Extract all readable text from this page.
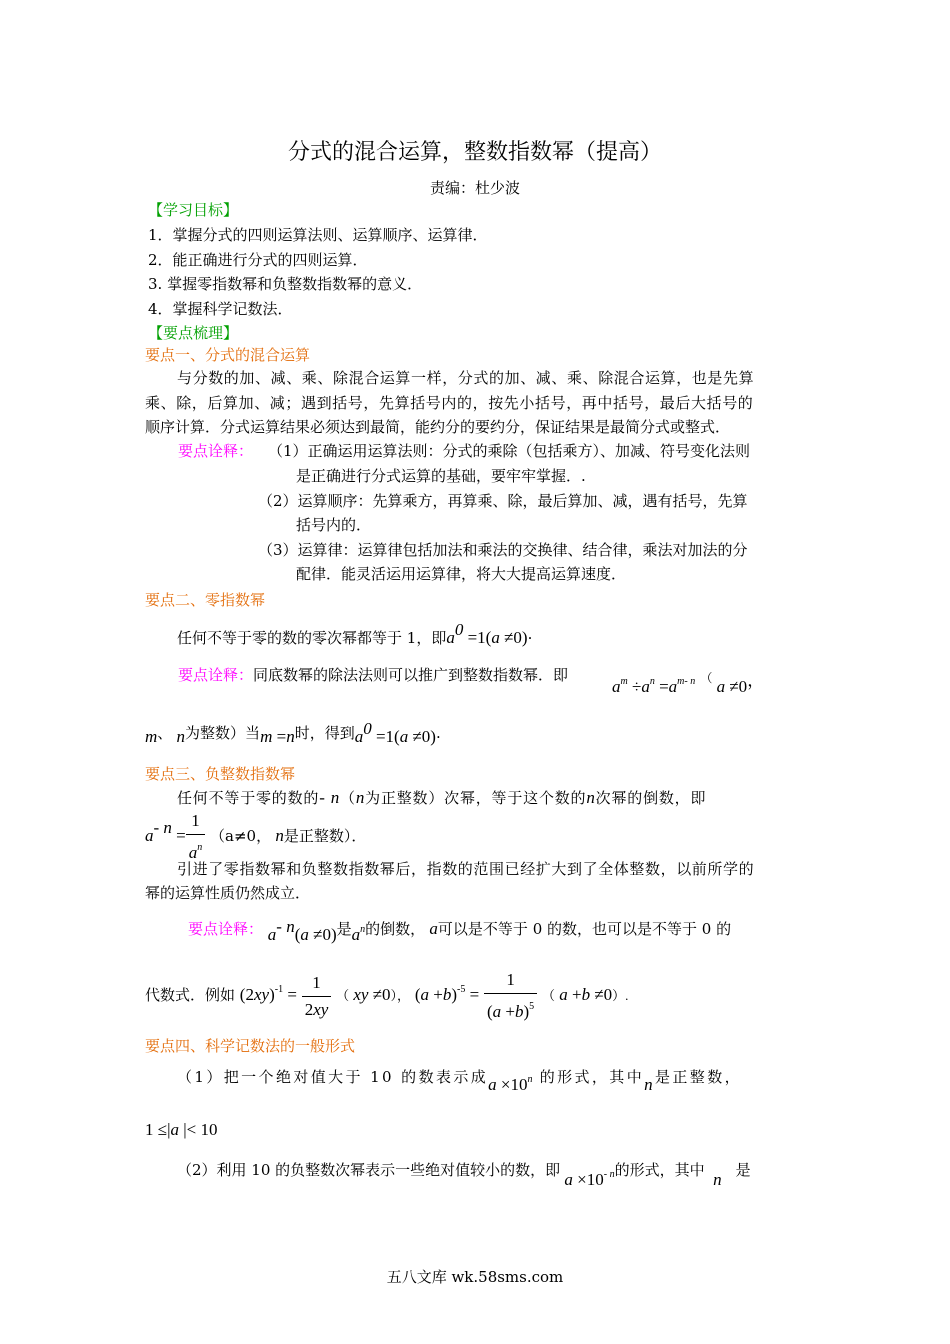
分式的混合运算，整数指数幂（提高）
责编：杜少波
【学习目标】
1．掌握分式的四则运算法则、运算顺序、运算律．
2．能正确进行分式的四则运算．
3. 掌握零指数幂和负整数指数幂的意义．
4．掌握科学记数法．
【要点梳理】
要点一、分式的混合运算
与分数的加、减、乘、除混合运算一样，分式的加、减、乘、除混合运算，也是先算
乘、除，后算加、减；遇到括号，先算括号内的，按先小括号，再中括号，最后大括号的
顺序计算．分式运算结果必须达到最简，能约分的要约分，保证结果是最简分式或整式．
要点诠释： （1）正确运用运算法则：分式的乘除（包括乘方）、加减、符号变化法则
是正确进行分式运算的基础，要牢牢掌握．.
（2）运算顺序：先算乘方，再算乘、除，最后算加、减，遇有括号，先算
括号内的．
（3）运算律：运算律包括加法和乘法的交换律、结合律，乘法对加法的分
配律．能灵活运用运算律，将大大提高运算速度．
要点二、零指数幂
任何不等于零的数的零次幂都等于 1，即$a^0 =1(a \ne 0)\cdot$
要点诠释：同底数幂的除法法则可以推广到整数指数幂．即
$a^m \div a^n =a^{m- n}$ （ a ≠0，
m、 n为整数）当m =n时，得到$a^0 =1(a \ne 0)\cdot$
要点三、负整数指数幂
任何不等于零的数的- n（n为正整数）次幂，等于这个数的n次幂的倒数，即
$a^{- n} = \frac{1}{a^n} (a\ne 0$， n是正整数）．
引进了零指数幂和负整数指数幂后，指数的范围已经扩大到了全体整数，以前所学的
幂的运算性质仍然成立．
要点诠释： $a^{- n}(a \ne 0)$是$a^n$的倒数， a可以是不等于 0 的数，也可以是不等于 0 的
代数式．例如 $(2xy)^{-1} = \frac{1}{2xy}$ （ xy ≠0）， $(a +b)^{-5} = \frac{1}{(a +b)^5}$ （ a +b ≠0）.
要点四、科学记数法的一般形式
（1）把一个绝对值大于 10 的数表示成$a \times 10^n$ 的形式，其中n是正整数，
1 ≤|a |< 10
（2）利用 10 的负整数次幂表示一些绝对值较小的数，即 $a \times 10^{- n}$的形式，其中  n 是
五八文库 wk.58sms.com
